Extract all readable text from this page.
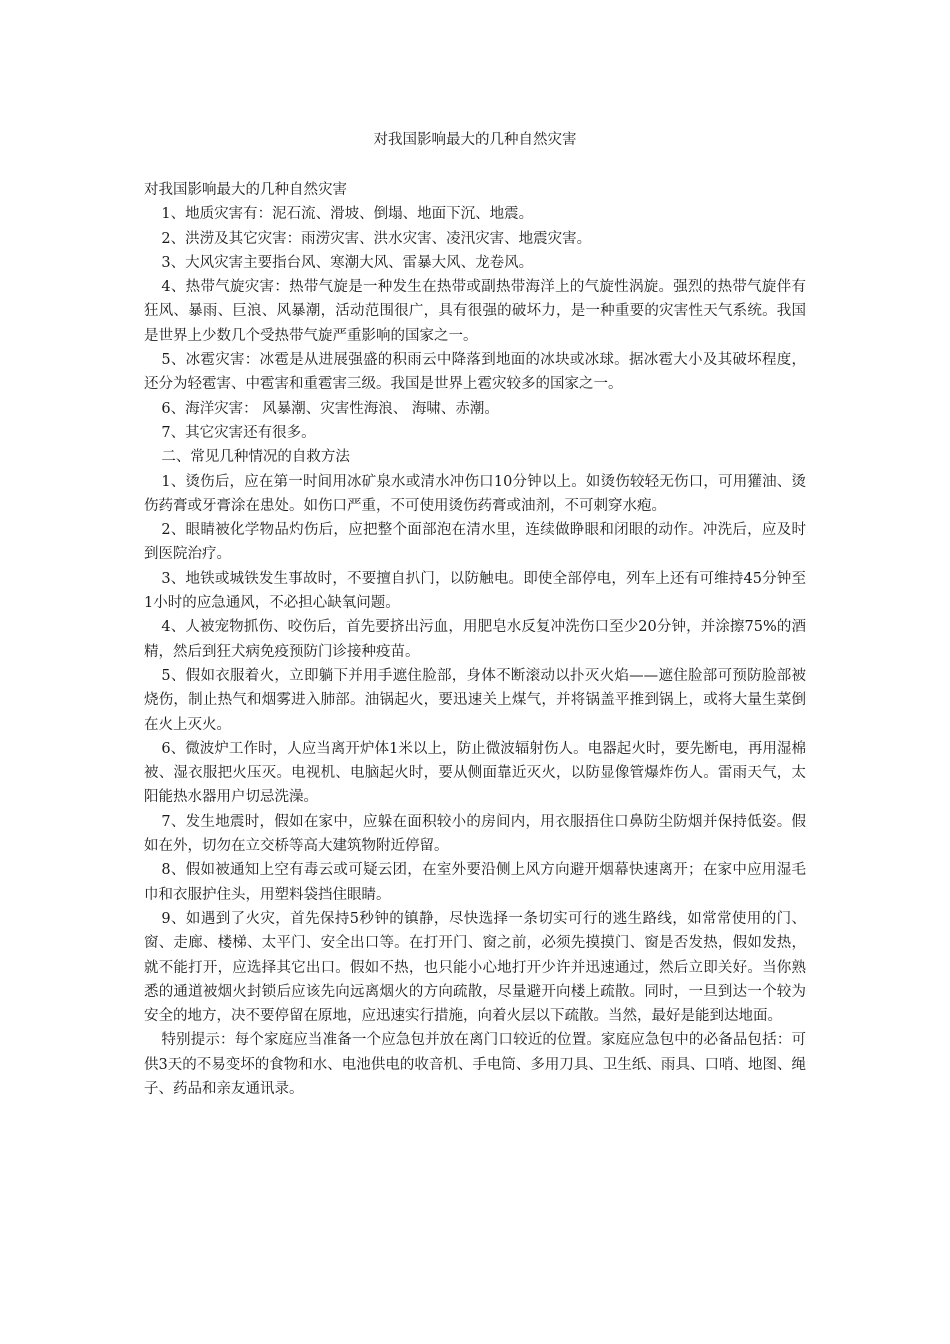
对我国影响最大的几种自然灾害

对我国影响最大的几种自然灾害

1、地质灾害有：泥石流、滑坡、倒塌、地面下沉、地震。

2、洪涝及其它灾害：雨涝灾害、洪水灾害、凌汛灾害、地震灾害。

3、大风灾害主要指台风、寒潮大风、雷暴大风、龙卷风。

4、热带气旋灾害：热带气旋是一种发生在热带或副热带海洋上的气旋性涡旋。强烈的热带气旋伴有狂风、暴雨、巨浪、风暴潮，活动范围很广，具有很强的破坏力，是一种重要的灾害性天气系统。我国是世界上少数几个受热带气旋严重影响的国家之一。

5、冰雹灾害：冰雹是从进展强盛的积雨云中降落到地面的冰块或冰球。据冰雹大小及其破坏程度，还分为轻雹害、中雹害和重雹害三级。我国是世界上雹灾较多的国家之一。

6、海洋灾害： 风暴潮、灾害性海浪、 海啸、赤潮。

7、其它灾害还有很多。

二、常见几种情况的自救方法

1、烫伤后，应在第一时间用冰矿泉水或清水冲伤口10分钟以上。如烫伤较轻无伤口，可用獾油、烫伤药膏或牙膏涂在患处。如伤口严重，不可使用烫伤药膏或油剂，不可刺穿水疱。

2、眼睛被化学物品灼伤后，应把整个面部泡在清水里，连续做睁眼和闭眼的动作。冲洗后，应及时到医院治疗。

3、地铁或城铁发生事故时，不要擅自扒门，以防触电。即使全部停电，列车上还有可维持45分钟至1小时的应急通风，不必担心缺氧问题。

4、人被宠物抓伤、咬伤后，首先要挤出污血，用肥皂水反复冲洗伤口至少20分钟，并涂擦75%的酒精，然后到狂犬病免疫预防门诊接种疫苗。

5、假如衣服着火，立即躺下并用手遮住脸部，身体不断滚动以扑灭火焰——遮住脸部可预防脸部被烧伤，制止热气和烟雾进入肺部。油锅起火，要迅速关上煤气，并将锅盖平推到锅上，或将大量生菜倒在火上灭火。

6、微波炉工作时，人应当离开炉体1米以上，防止微波辐射伤人。电器起火时，要先断电，再用湿棉被、湿衣服把火压灭。电视机、电脑起火时，要从侧面靠近灭火，以防显像管爆炸伤人。雷雨天气，太阳能热水器用户切忌洗澡。

7、发生地震时，假如在家中，应躲在面积较小的房间内，用衣服捂住口鼻防尘防烟并保持低姿。假如在外，切勿在立交桥等高大建筑物附近停留。

8、假如被通知上空有毒云或可疑云团，在室外要沿侧上风方向避开烟幕快速离开；在家中应用湿毛巾和衣服护住头，用塑料袋挡住眼睛。

9、如遇到了火灾，首先保持5秒钟的镇静，尽快选择一条切实可行的逃生路线，如常常使用的门、窗、走廊、楼梯、太平门、安全出口等。在打开门、窗之前，必须先摸摸门、窗是否发热，假如发热，就不能打开，应选择其它出口。假如不热，也只能小心地打开少许并迅速通过，然后立即关好。当你熟悉的通道被烟火封锁后应该先向远离烟火的方向疏散，尽量避开向楼上疏散。同时，一旦到达一个较为安全的地方，决不要停留在原地，应迅速实行措施，向着火层以下疏散。当然，最好是能到达地面。

特别提示：每个家庭应当准备一个应急包并放在离门口较近的位置。家庭应急包中的必备品包括：可供3天的不易变坏的食物和水、电池供电的收音机、手电筒、多用刀具、卫生纸、雨具、口哨、地图、绳子、药品和亲友通讯录。
